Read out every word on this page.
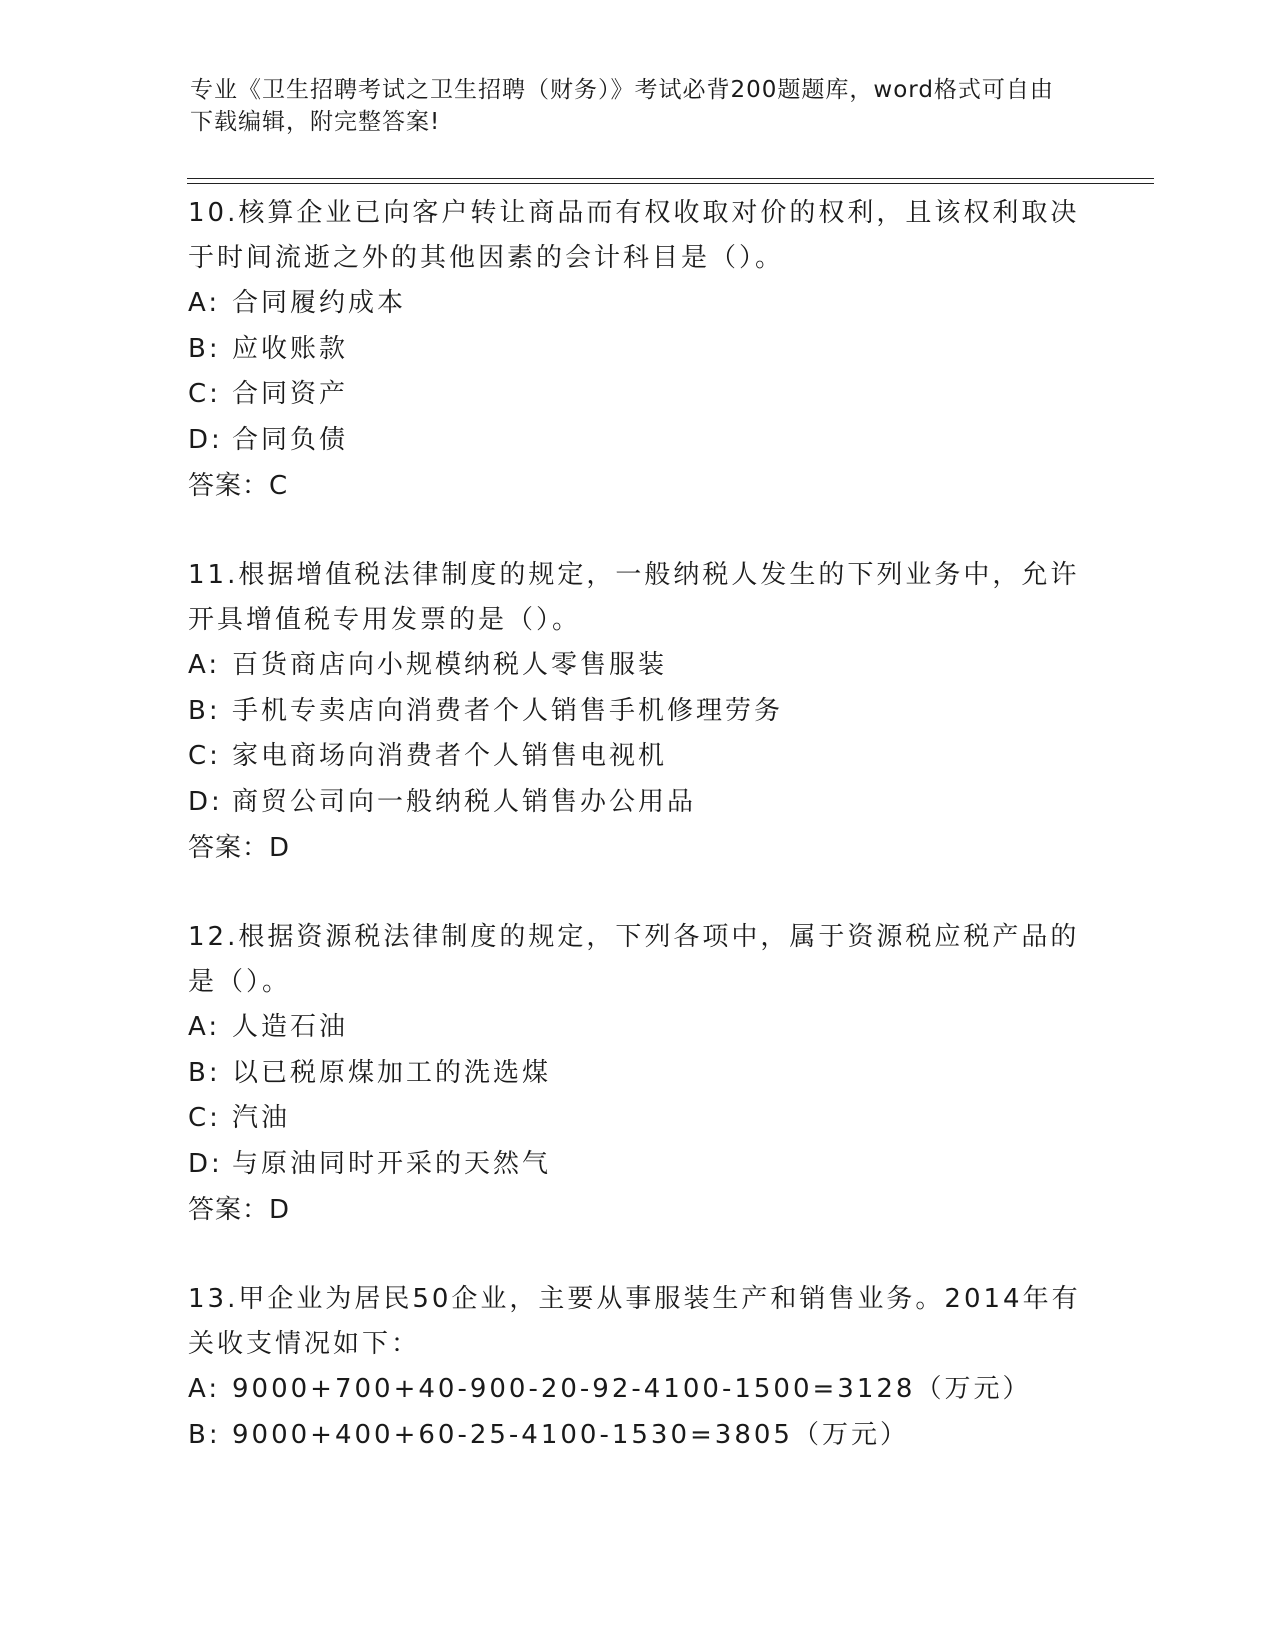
专业《卫生招聘考试之卫生招聘（财务）》考试必背200题题库，word格式可自由下载编辑，附完整答案!

10.核算企业已向客户转让商品而有权收取对价的权利，且该权利取决于时间流逝之外的其他因素的会计科目是（）。

A: 合同履约成本
B: 应收账款
C: 合同资产
D: 合同负债
答案：C

11.根据增值税法律制度的规定，一般纳税人发生的下列业务中，允许开具增值税专用发票的是（）。

A: 百货商店向小规模纳税人零售服装
B: 手机专卖店向消费者个人销售手机修理劳务
C: 家电商场向消费者个人销售电视机
D: 商贸公司向一般纳税人销售办公用品
答案：D

12.根据资源税法律制度的规定，下列各项中，属于资源税应税产品的是（）。

A: 人造石油
B: 以已税原煤加工的洗选煤
C: 汽油
D: 与原油同时开采的天然气
答案：D

13.甲企业为居民50企业，主要从事服装生产和销售业务。2014年有关收支情况如下：

A: 9000+700+40-900-20-92-4100-1500=3128（万元）
B: 9000+400+60-25-4100-1530=3805（万元）
